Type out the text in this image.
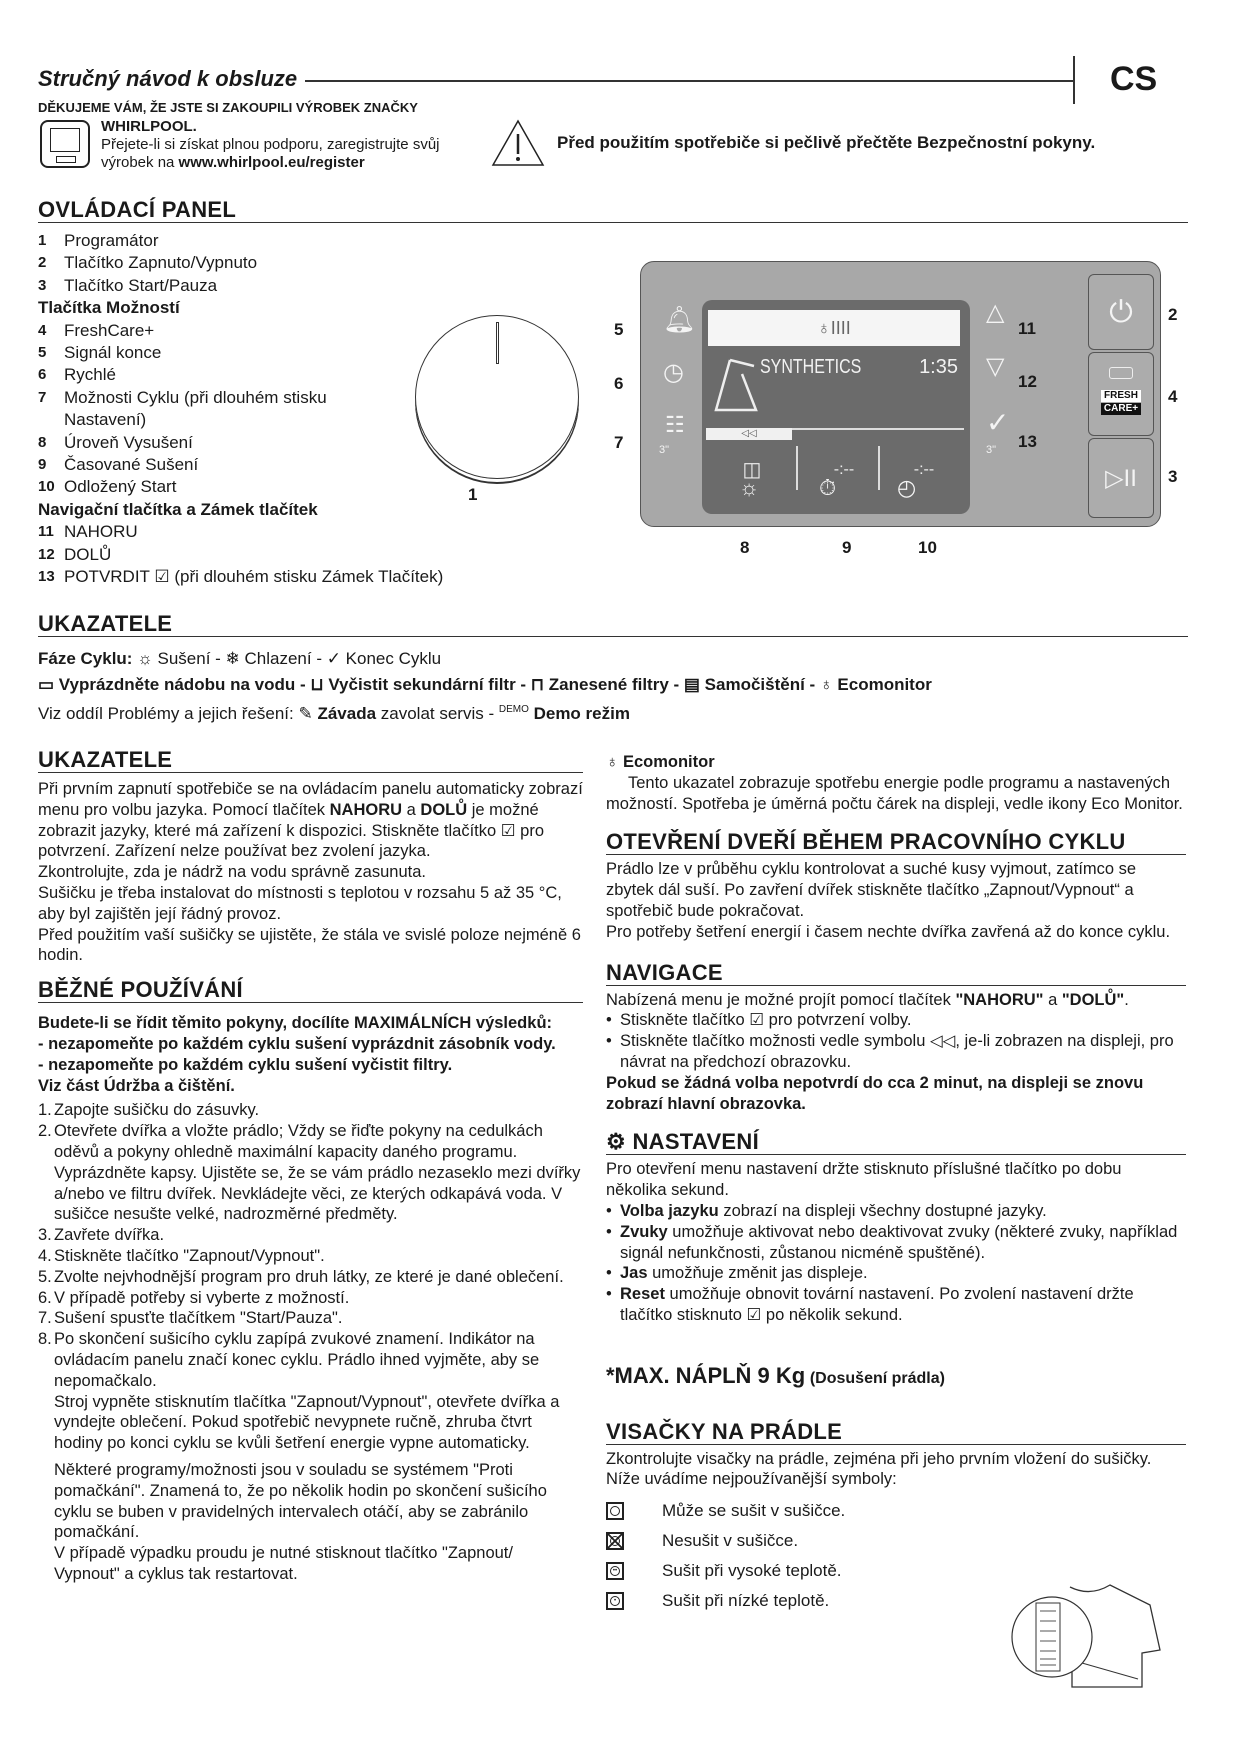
Stručný návod k obsluze	CS
DĚKUJEME VÁM, ŽE JSTE SI ZAKOUPILI VÝROBEK ZNAČKY
WHIRLPOOL.
Přejete-li si získat plnou podporu, zaregistrujte svůj
výrobek na www.whirlpool.eu/register
Před použitím spotřebiče si pečlivě přečtěte Bezpečnostní pokyny.
OVLÁDACÍ PANEL
1	Programátor
2	Tlačítko Zapnuto/Vypnuto
3	Tlačítko Start/Pauza
Tlačítka Možností
4	FreshCare+
5	Signál konce
6	Rychlé
7	Možnosti Cyklu (při dlouhém stisku
Nastavení)
8	Úroveň Vysušení
9	Časované Sušení
10 Odložený Start
Navigační tlačítka a Zámek tlačítek
11 NAHORU
12 DOLŮ
13 POTVRDIT ☑ (při dlouhém stisku Zámek Tlačítek)
1
🔔︎
◷
☷
3"
♁IIII
SYNTHETICS	1:35
◁◁
◫	-:--	-:--
△
▽
✓
3"
☼	⏱︎	◴
⏻︎
FRESH
CARE+
▷II
5
6
7
11
12
13
2
4
3
8	9	10
UKAZATELE
Fáze Cyklu: ☼ Sušení - ❄ Chlazení - ✓ Konec Cyklu
▭ Vyprázdněte nádobu na vodu - ⊔ Vyčistit sekundární filtr - ⊓ Zanesené filtry - ▤ Samočištění - ♁ Ecomonitor
Viz oddíl Problémy a jejich řešení: ✎ Závada zavolat servis - $^{DEMO}$ Demo režim
UKAZATELE

Při prvním zapnutí spotřebiče se na ovládacím panelu automaticky zobrazí menu pro volbu jazyka. Pomocí tlačítek NAHORU a DOLŮ je možné zobrazit jazyky, které má zařízení k dispozici. Stiskněte tlačítko ☑ pro potvrzení. Zařízení nelze používat bez zvolení jazyka.

Zkontrolujte, zda je nádrž na vodu správně zasunuta.

Sušičku je třeba instalovat do místnosti s teplotou v rozsahu 5 až 35 °C, aby byl zajištěn její řádný provoz.

Před použitím vaší sušičky se ujistěte, že stála ve svislé poloze nejméně 6 hodin.

BĚŽNÉ POUŽÍVÁNÍ
Budete-li se řídit těmito pokyny, docílíte MAXIMÁLNÍCH výsledků:
- nezapomeňte po každém cyklu sušení vyprázdnit zásobník vody.
- nezapomeňte po každém cyklu sušení vyčistit filtry.
Viz část Údržba a čištění.
1. Zapojte sušičku do zásuvky.
2. Otevřete dvířka a vložte prádlo; Vždy se řiďte pokyny na cedulkách oděvů a pokyny ohledně maximální kapacity daného programu. Vyprázdněte kapsy. Ujistěte se, že se vám prádlo nezaseklo mezi dvířky a/nebo ve filtru dvířek. Nevkládejte věci, ze kterých odkapává voda. V sušičce nesušte velké, nadrozměrné předměty.
3. Zavřete dvířka.
4. Stiskněte tlačítko "Zapnout/Vypnout".
5. Zvolte nejvhodnější program pro druh látky, ze které je dané oblečení.
6. V případě potřeby si vyberte z možností.
7. Sušení spusťte tlačítkem "Start/Pauza".
8. Po skončení sušicího cyklu zapípá zvukové znamení. Indikátor na ovládacím panelu značí konec cyklu. Prádlo ihned vyjměte, aby se nepomačkalo.

Stroj vypněte stisknutím tlačítka "Zapnout/Vypnout", otevřete dvířka a vyndejte oblečení. Pokud spotřebič nevypnete ručně, zhruba čtvrt hodiny po konci cyklu se kvůli šetření energie vypne automaticky.

Některé programy/možnosti jsou v souladu se systémem "Proti pomačkání". Znamená to, že po několik hodin po skončení sušicího cyklu se buben v pravidelných intervalech otáčí, aby se zabránilo pomačkání.

V případě výpadku proudu je nutné stisknout tlačítko "Zapnout/ Vypnout" a cyklus tak restartovat.

♁ Ecomonitor

Tento ukazatel zobrazuje spotřebu energie podle programu a nastavených možností. Spotřeba je úměrná počtu čárek na displeji, vedle ikony Eco Monitor.

OTEVŘENÍ DVEŘÍ BĚHEM PRACOVNÍHO CYKLU

Prádlo lze v průběhu cyklu kontrolovat a suché kusy vyjmout, zatímco se zbytek dál suší. Po zavření dvířek stiskněte tlačítko „Zapnout/Vypnout“ a spotřebič bude pokračovat.

Pro potřeby šetření energií i časem nechte dvířka zavřená až do konce cyklu.

NAVIGACE

Nabízená menu je možné projít pomocí tlačítek "NAHORU" a "DOLŮ".

• Stiskněte tlačítko ☑ pro potvrzení volby.
• Stiskněte tlačítko možnosti vedle symbolu ◁◁, je-li zobrazen na displeji, pro návrat na předchozí obrazovku.

Pokud se žádná volba nepotvrdí do cca 2 minut, na displeji se znovu zobrazí hlavní obrazovka.

⚙ NASTAVENÍ

Pro otevření menu nastavení držte stisknuto příslušné tlačítko po dobu několika sekund.

• Volba jazyku zobrazí na displeji všechny dostupné jazyky.
• Zvuky umožňuje aktivovat nebo deaktivovat zvuky (některé zvuky, například signál nefunkčnosti, zůstanou nicméně spuštěné).
• Jas umožňuje změnit jas displeje.
• Reset umožňuje obnovit tovární nastavení. Po zvolení nastavení držte tlačítko stisknuto ☑ po několik sekund.
*MAX. NÁPLŇ 9 Kg (Dosušení prádla)
VISAČKY NA PRÁDLE

Zkontrolujte visačky na prádle, zejména při jeho prvním vložení do sušičky. Níže uvádíme nejpoužívanější symboly:

Může se sušit v sušičce.
Nesušit v sušičce.
••	Sušit při vysoké teplotě.
•	Sušit při nízké teplotě.
